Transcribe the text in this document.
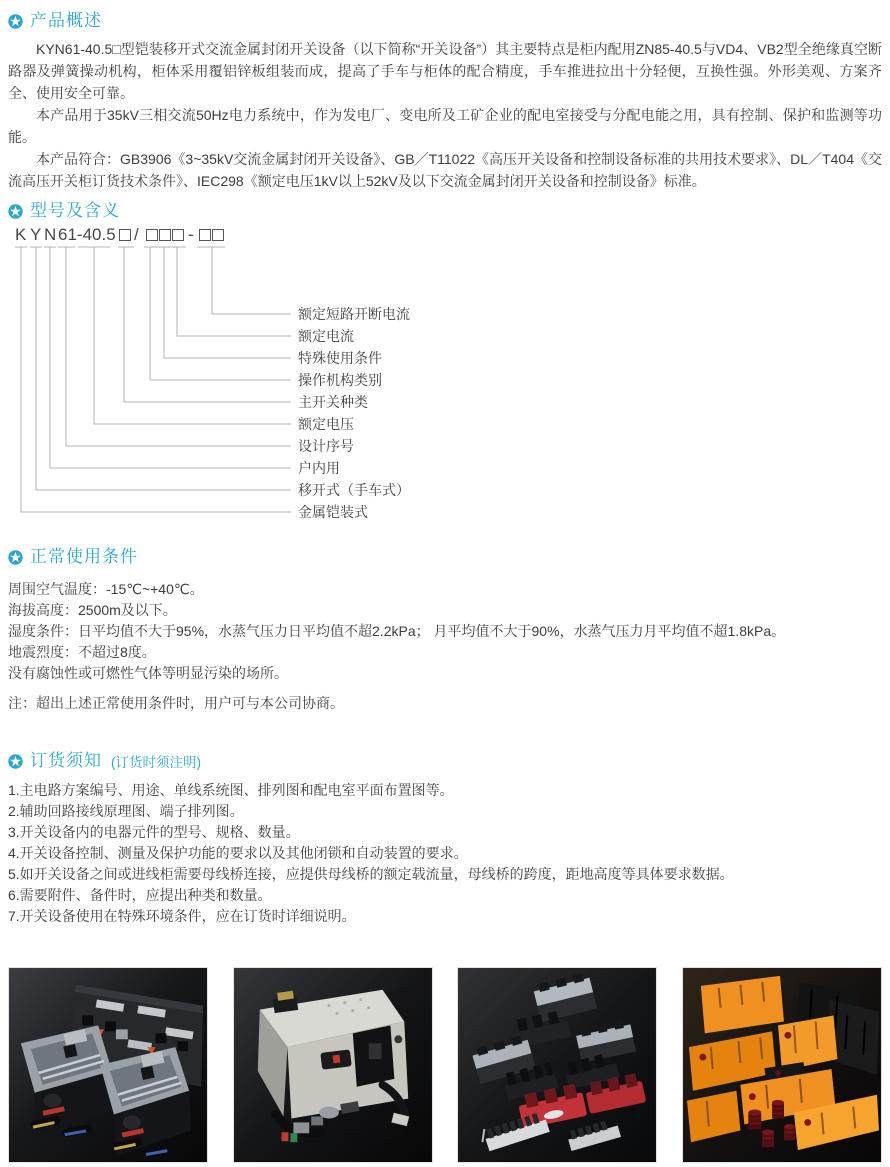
产品概述

KYN61-40.5□型铠装移开式交流金属封闭开关设备（以下简称“开关设备”）其主要特点是柜内配用ZN85-40.5与VD4、VB2型全绝缘真空断路器及弹簧操动机构，柜体采用覆铝锌板组装而成，提高了手车与柜体的配合精度，手车推进拉出十分轻便，互换性强。外形美观、方案齐全、使用安全可靠。

本产品用于35kV三相交流50Hz电力系统中，作为发电厂、变电所及工矿企业的配电室接受与分配电能之用，具有控制、保护和监测等功能。

本产品符合：GB3906《3~35kV交流金属封闭开关设备》、GB／T11022《高压开关设备和控制设备标准的共用技术要求》、DL／T404《交流高压开关柜订货技术条件》、IEC298《额定电压1kV以上52kV及以下交流金属封闭开关设备和控制设备》标准。

型号及含义
K Y N 61-40.5 /	-
额定短路开断电流
额定电流
特殊使用条件
操作机构类别
主开关种类
额定电压
设计序号
户内用
移开式（手车式）
金属铠装式
正常使用条件
周围空气温度：-15℃~+40℃。
海拔高度：2500m及以下。
湿度条件：日平均值不大于95%，水蒸气压力日平均值不超2.2kPa； 月平均值不大于90%，水蒸气压力月平均值不超1.8kPa。
地震烈度：不超过8度。
没有腐蚀性或可燃性气体等明显污染的场所。
注：超出上述正常使用条件时，用户可与本公司协商。
订货须知 (订货时须注明)
1.主电路方案编号、用途、单线系统图、排列图和配电室平面布置图等。
2.辅助回路接线原理图、端子排列图。
3.开关设备内的电器元件的型号、规格、数量。
4.开关设备控制、测量及保护功能的要求以及其他闭锁和自动装置的要求。
5.如开关设备之间或进线柜需要母线桥连接，应提供母线桥的额定载流量，母线桥的跨度，距地高度等具体要求数据。
6.需要附件、备件时，应提出种类和数量。
7.开关设备使用在特殊环境条件，应在订货时详细说明。
